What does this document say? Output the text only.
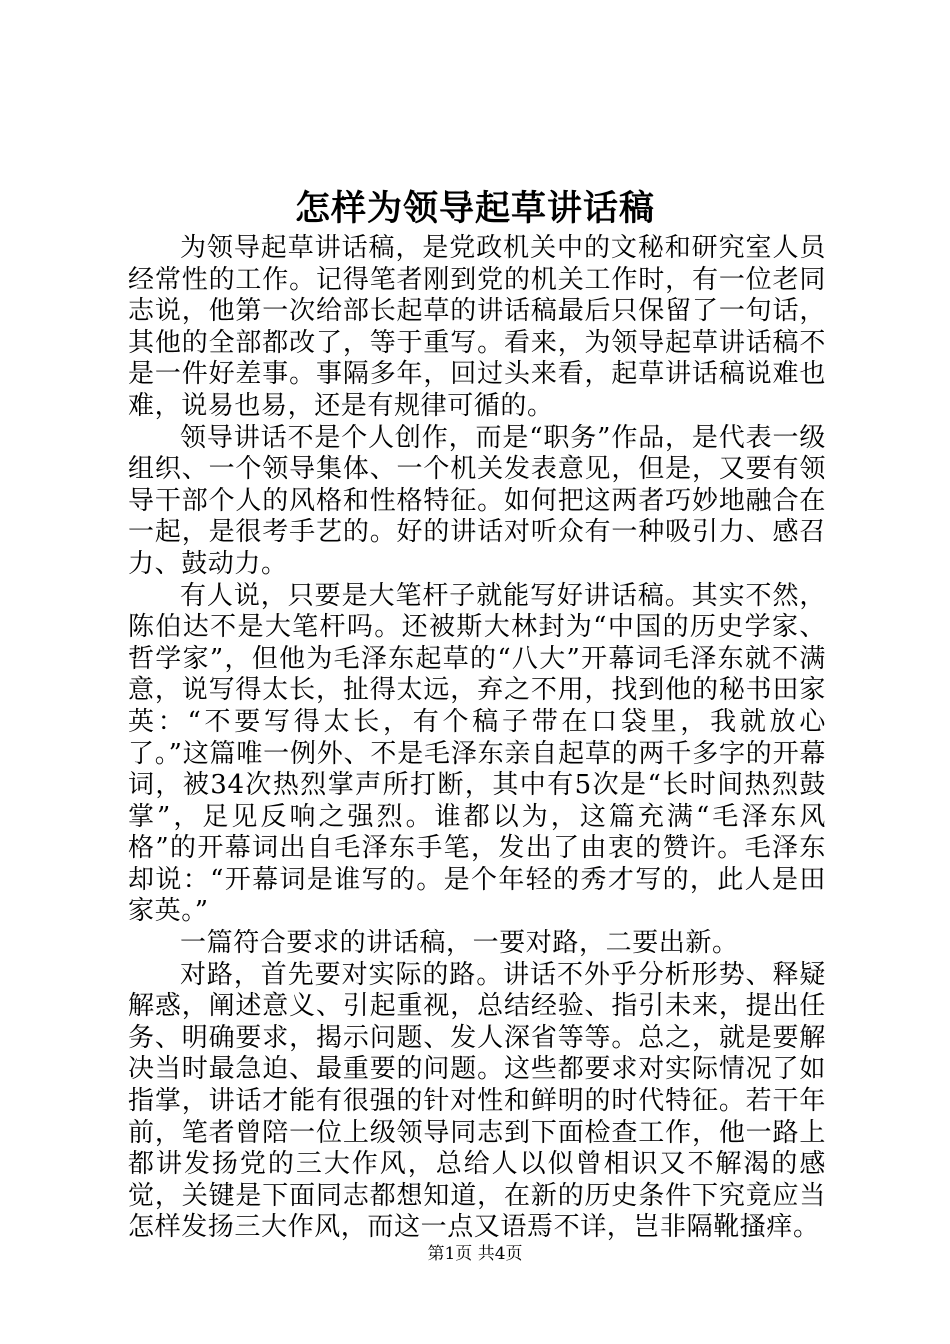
怎样为领导起草讲话稿

为领导起草讲话稿，是党政机关中的文秘和研究室人员经常性的工作。记得笔者刚到党的机关工作时，有一位老同志说，他第一次给部长起草的讲话稿最后只保留了一句话，其他的全部都改了，等于重写。看来，为领导起草讲话稿不是一件好差事。事隔多年，回过头来看，起草讲话稿说难也难，说易也易，还是有规律可循的。

领导讲话不是个人创作，而是“职务”作品，是代表一级组织、一个领导集体、一个机关发表意见，但是，又要有领导干部个人的风格和性格特征。如何把这两者巧妙地融合在一起，是很考手艺的。好的讲话对听众有一种吸引力、感召力、鼓动力。

有人说，只要是大笔杆子就能写好讲话稿。其实不然，陈伯达不是大笔杆吗。还被斯大林封为“中国的历史学家、哲学家”，但他为毛泽东起草的“八大”开幕词毛泽东就不满意，说写得太长，扯得太远，弃之不用，找到他的秘书田家英：“不要写得太长，有个稿子带在口袋里，我就放心了。”这篇唯一例外、不是毛泽东亲自起草的两千多字的开幕词，被34次热烈掌声所打断，其中有5次是“长时间热烈鼓掌”，足见反响之强烈。谁都以为，这篇充满“毛泽东风格”的开幕词出自毛泽东手笔，发出了由衷的赞许。毛泽东却说：“开幕词是谁写的。是个年轻的秀才写的，此人是田家英。”

一篇符合要求的讲话稿，一要对路，二要出新。

对路，首先要对实际的路。讲话不外乎分析形势、释疑解惑，阐述意义、引起重视，总结经验、指引未来，提出任务、明确要求，揭示问题、发人深省等等。总之，就是要解决当时最急迫、最重要的问题。这些都要求对实际情况了如指掌，讲话才能有很强的针对性和鲜明的时代特征。若干年前，笔者曾陪一位上级领导同志到下面检查工作，他一路上都讲发扬党的三大作风，总给人以似曾相识又不解渴的感觉，关键是下面同志都想知道，在新的历史条件下究竟应当怎样发扬三大作风，而这一点又语焉不详，岂非隔靴搔痒。

第1页 共4页
